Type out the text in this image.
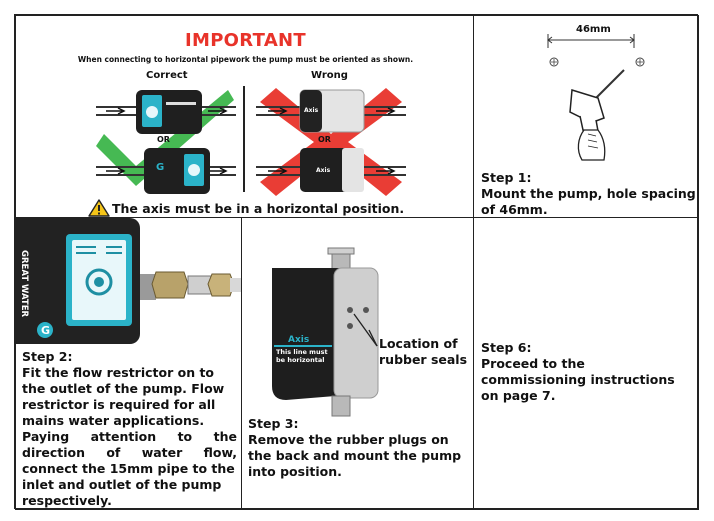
IMPORTANT
When connecting to horizontal pipework the pump must be oriented as shown.
Correct	Wrong
G
OR
Axis
Axis
OR
The axis must be in a horizontal position.
46mm
Step 1:
Mount the pump, hole spacing of 46mm.
GREAT WATER
G
Step 2:
Fit the flow restrictor on to
the outlet of the pump. Flow
restrictor is required for all
mains water applications.
Paying attention to the
direction of water flow,
connect the 15mm pipe to the
inlet and outlet of the pump
respectively.
Axis
This line must
be horizontal
Location of rubber seals
Step 3:
Remove the rubber plugs on the back and mount the pump into position.
Step 6:
Proceed to the  commissioning instructions on page 7.
